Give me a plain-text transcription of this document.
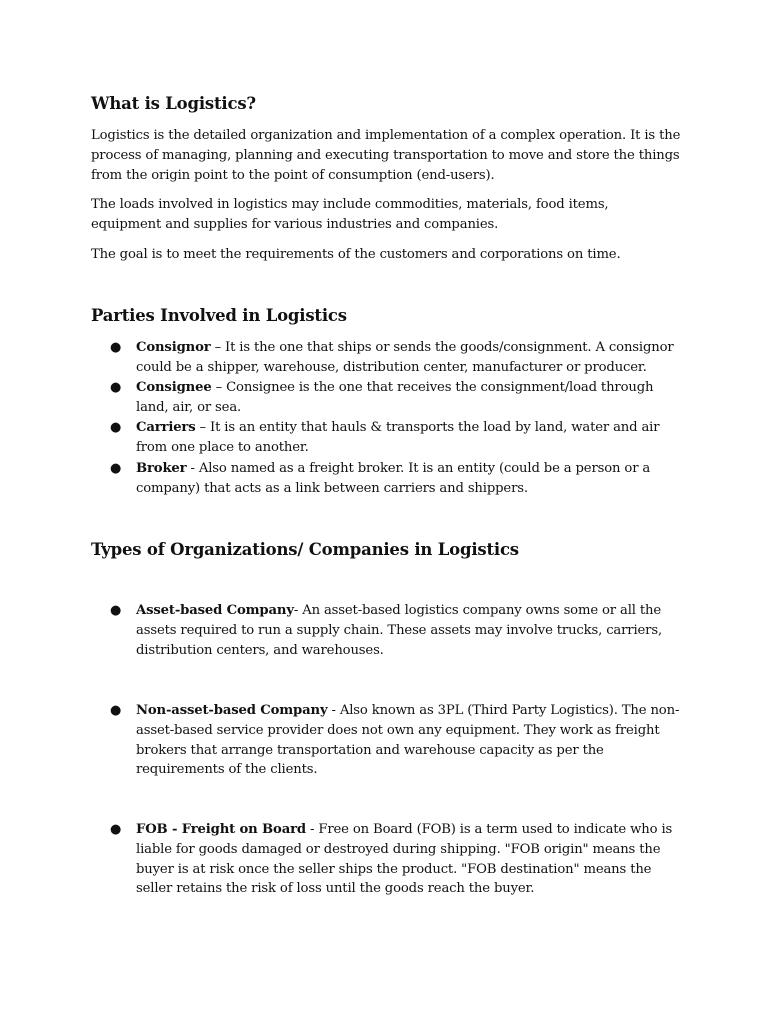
What is Logistics?

Logistics is the detailed organization and implementation of a complex operation. It is the process of managing, planning and executing transportation to move and store the things from the origin point to the point of consumption (end-users).

The loads involved in logistics may include commodities, materials, food items, equipment and supplies for various industries and companies.

The goal is to meet the requirements of the customers and corporations on time.

Parties Involved in Logistics
● Consignor – It is the one that ships or sends the goods/consignment. A consignor could be a shipper, warehouse, distribution center, manufacturer or producer.
● Consignee – Consignee is the one that receives the consignment/load through land, air, or sea.
● Carriers – It is an entity that hauls & transports the load by land, water and air from one place to another.
● Broker - Also named as a freight broker. It is an entity (could be a person or a company) that acts as a link between carriers and shippers.
Types of Organizations/ Companies in Logistics
● Asset-based Company- An asset-based logistics company owns some or all the assets required to run a supply chain. These assets may involve trucks, carriers, distribution centers, and warehouses.
● Non-asset-based Company - Also known as 3PL (Third Party Logistics). The non-asset-based service provider does not own any equipment. They work as freight brokers that arrange transportation and warehouse capacity as per the requirements of the clients.
● FOB - Freight on Board - Free on Board (FOB) is a term used to indicate who is liable for goods damaged or destroyed during shipping. "FOB origin" means the buyer is at risk once the seller ships the product. "FOB destination" means the seller retains the risk of loss until the goods reach the buyer.
